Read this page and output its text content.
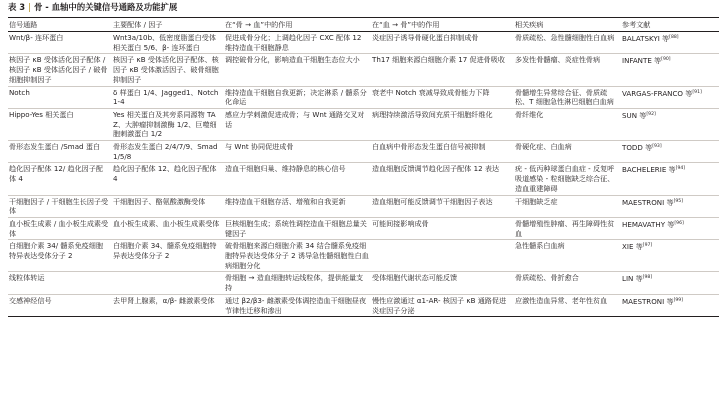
表 3 | 骨 - 血轴中的关键信号通路及功能扩展
信号通路	主要配体 / 因子	在“骨 → 血”中的作用	在“血 → 骨”中的作用	相关疾病	参考文献
Wnt/β- 连环蛋白	Wnt3a/10b、低密度脂蛋白受体相关蛋白 5/6、β- 连环蛋白	促进成骨分化；上调趋化因子 CXC 配体 12 维持造血干细胞静息	炎症因子诱导骨硬化蛋白抑制成骨	骨质疏松、急性髓细胞性白血病	BALATSKYI 等[88]
核因子 κB 受体活化因子配体 / 核因子 κB 受体活化因子 / 破骨细胞抑制因子	核因子 κB 受体活化因子配体、核因子 κB 受体激活因子、破骨细胞抑制因子	调控破骨分化，影响造血干细胞生态位大小	Th17 细胞来源白细胞介素 17 促进骨吸收	多发性骨髓瘤、炎症性骨病	INFANTE 等[90]
Notch	δ 样蛋白 1/4、Jagged1、Notch1-4	维持造血干细胞自我更新；决定淋系 / 髓系分化命运	衰老中 Notch 衰减导致成骨能力下降	骨髓增生异常综合征、骨质疏松、T 细胞急性淋巴细胞白血病	VARGAS-FRANCO 等[91]
Hippo-Yes 相关蛋白	Yes 相关蛋白及其旁系同源物 TAZ、大肿瘤抑制激酶 1/2、巨噬细胞刺激蛋白 1/2	感应力学刺激促进成骨；与 Wnt 通路交叉对话	病理持续激活导致间充质干细胞纤维化	骨纤维化	SUN 等[92]
骨形态发生蛋白 /Smad 蛋白	骨形态发生蛋白 2/4/7/9、Smad1/5/8	与 Wnt 协同促进成骨	白血病中骨形态发生蛋白信号被抑制	骨硬化症、白血病	TODD 等[93]
趋化因子配体 12/ 趋化因子配体 4	趋化因子配体 12、趋化因子配体 4	造血干细胞归巢、维持静息的核心信号	造血细胞反馈调节趋化因子配体 12 表达	疣 - 低丙种球蛋白血症 - 反复呼吸道感染 - 粒细胞缺乏综合征、造血重建障碍	BACHELERIE 等[94]
干细胞因子 / 干细胞生长因子受体	干细胞因子、酪氨酸激酶受体	维持造血干细胞存活、增殖和自我更新	造血细胞可能反馈调节干细胞因子表达	干细胞缺乏症	MAESTRONI 等[95]
血小板生成素 / 血小板生成素受体	血小板生成素、血小板生成素受体	巨核细胞生成；系统性调控造血干细胞总量关键因子	可能间接影响成骨	骨髓增殖性肿瘤、再生障碍性贫血	HEMAVATHY 等[96]
白细胞介素 34/ 髓系免疫细胞特异表达受体分子 2	白细胞介素 34、髓系免疫细胞特异表达受体分子 2	破骨细胞来源白细胞介素 34 结合髓系免疫细胞特异表达受体分子 2 诱导急性髓细胞性白血病细胞分化		急性髓系白血病	XIE 等[97]
线粒体转运		骨细胞 → 造血细胞转运线粒体，提供能量支持	受体细胞代谢状态可能反馈	骨质疏松、骨折愈合	LIN 等[98]
交感神经信号	去甲肾上腺素，α/β- 雌激素受体	通过 β2/β3- 雌激素受体调控造血干细胞昼夜节律性迁移和渗出	慢性应激通过 α1-AR- 核因子 κB 通路促进炎症因子分泌	应激性造血异常、老年性贫血	MAESTRONI 等[99]
